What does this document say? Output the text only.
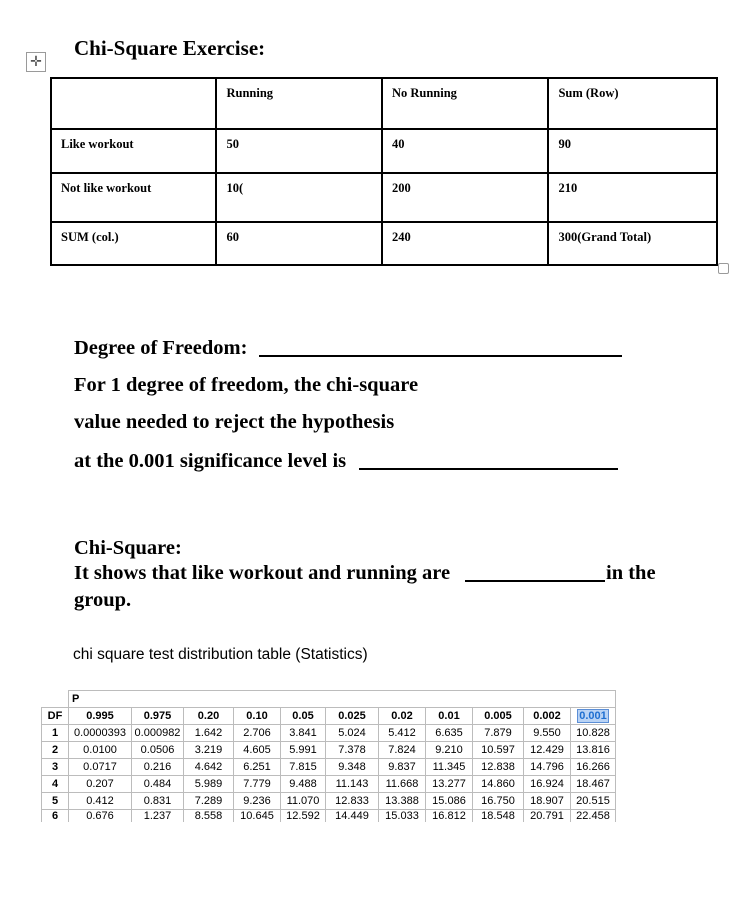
✛
Chi-Square Exercise:
	Running	No Running	Sum (Row)
Like workout	50	40	90
Not like workout	10(	200	210
SUM (col.)	60	240	300(Grand Total)
Degree of Freedom:
For 1 degree of freedom, the chi-square
value needed to reject the hypothesis
at the 0.001 significance level is
Chi-Square:
It shows that like workout and running are	in the
group.
chi square test distribution table (Statistics)
	P										
DF	0.995	0.975	0.20	0.10	0.05	0.025	0.02	0.01	0.005	0.002	0.001
1	0.0000393	0.000982	1.642	2.706	3.841	5.024	5.412	6.635	7.879	9.550	10.828
2	0.0100	0.0506	3.219	4.605	5.991	7.378	7.824	9.210	10.597	12.429	13.816
3	0.0717	0.216	4.642	6.251	7.815	9.348	9.837	11.345	12.838	14.796	16.266
4	0.207	0.484	5.989	7.779	9.488	11.143	11.668	13.277	14.860	16.924	18.467
5	0.412	0.831	7.289	9.236	11.070	12.833	13.388	15.086	16.750	18.907	20.515
6	0.676	1.237	8.558	10.645	12.592	14.449	15.033	16.812	18.548	20.791	22.458
